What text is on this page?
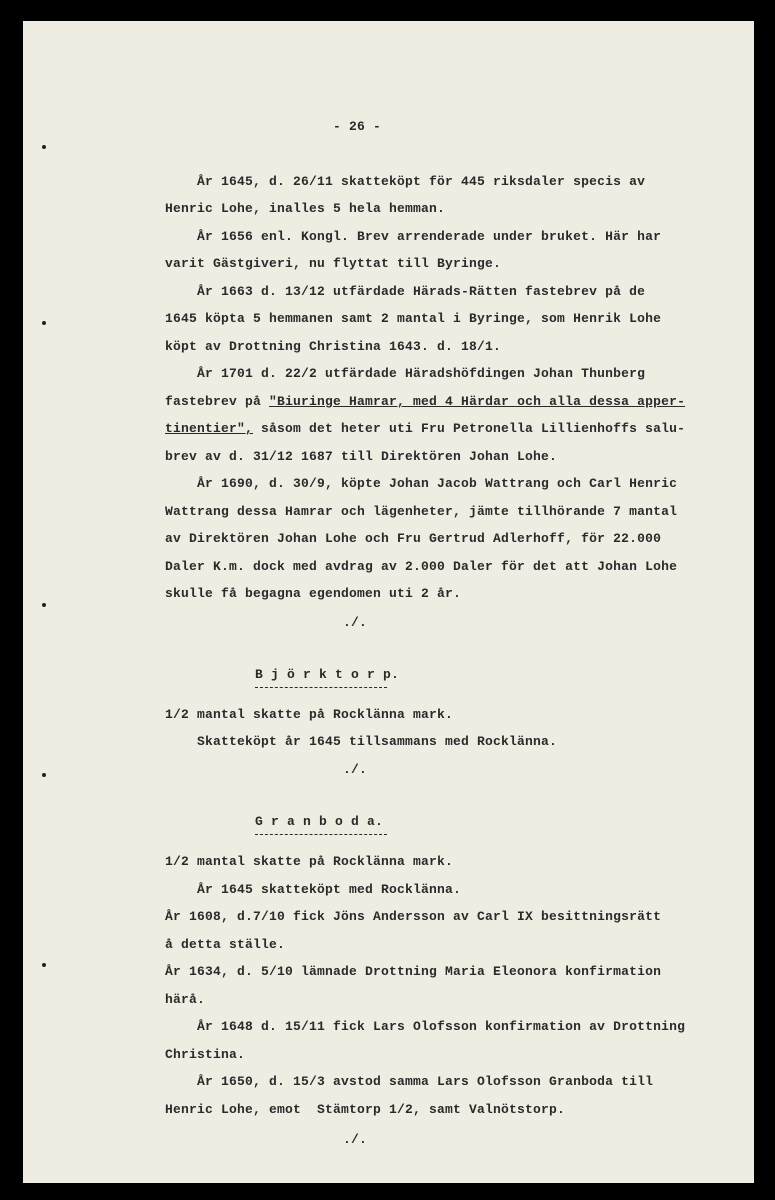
- 26 -
År 1645, d. 26/11 skatteköpt för 445 riksdaler specis av
Henric Lohe, inalles 5 hela hemman.
År 1656 enl. Kongl. Brev arrenderade under bruket. Här har
varit Gästgiveri, nu flyttat till Byringe.
År 1663 d. 13/12 utfärdade Härads-Rätten fastebrev på de
1645 köpta 5 hemmanen samt 2 mantal i Byringe, som Henrik Lohe
köpt av Drottning Christina 1643. d. 18/1.
År 1701 d. 22/2 utfärdade Häradshöfdingen Johan Thunberg
fastebrev på "Biuringe Hamrar, med 4 Härdar och alla dessa apper-
tinentier", såsom det heter uti Fru Petronella Lillienhoffs salu-
brev av d. 31/12 1687 till Direktören Johan Lohe.
År 1690, d. 30/9, köpte Johan Jacob Wattrang och Carl Henric
Wattrang dessa Hamrar och lägenheter, jämte tillhörande 7 mantal
av Direktören Johan Lohe och Fru Gertrud Adlerhoff, för 22.000
Daler K.m. dock med avdrag av 2.000 Daler för det att Johan Lohe
skulle få begagna egendomen uti 2 år.
./.
B j ö r k t o r p.
1/2 mantal skatte på Rocklänna mark.
Skatteköpt år 1645 tillsammans med Rocklänna.
./.
G r a n b o d a.
1/2 mantal skatte på Rocklänna mark.
År 1645 skatteköpt med Rocklänna.
År 1608, d.7/10 fick Jöns Andersson av Carl IX besittningsrätt
å detta ställe.
År 1634, d. 5/10 lämnade Drottning Maria Eleonora konfirmation
härå.
År 1648 d. 15/11 fick Lars Olofsson konfirmation av Drottning
Christina.
År 1650, d. 15/3 avstod samma Lars Olofsson Granboda till
Henric Lohe, emot  Stämtorp 1/2, samt Valnötstorp.
./.
